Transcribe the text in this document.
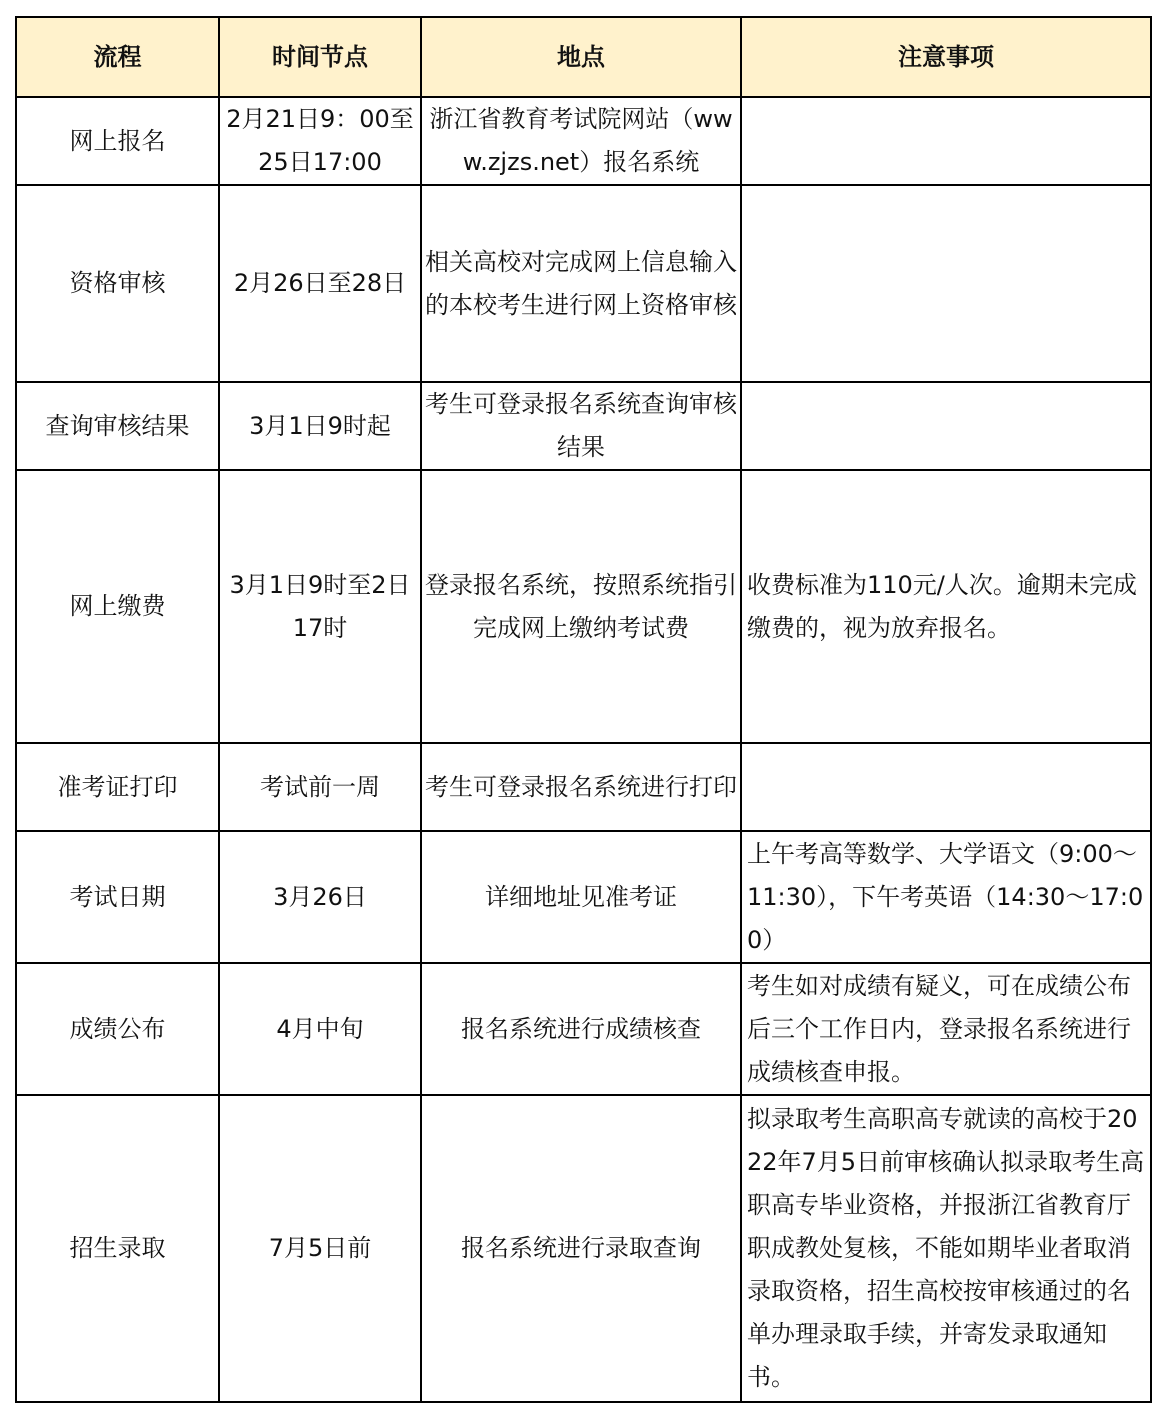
流程	时间节点	地点	注意事项
网上报名	2月21日9：00至25日17:00	浙江省教育考试院网站（www.zjzs.net）报名系统	
资格审核	2月26日至28日	相关高校对完成网上信息输入的本校考生进行网上资格审核	
查询审核结果	3月1日9时起	考生可登录报名系统查询审核结果	
网上缴费	3月1日9时至2日17时	登录报名系统，按照系统指引完成网上缴纳考试费	收费标准为110元/人次。逾期未完成缴费的，视为放弃报名。
准考证打印	考试前一周	考生可登录报名系统进行打印	
考试日期	3月26日	详细地址见准考证	上午考高等数学、大学语文（9:00～11:30），下午考英语（14:30～17:00）
成绩公布	4月中旬	报名系统进行成绩核查	考生如对成绩有疑义，可在成绩公布后三个工作日内，登录报名系统进行成绩核查申报。
招生录取	7月5日前	报名系统进行录取查询	拟录取考生高职高专就读的高校于2022年7月5日前审核确认拟录取考生高职高专毕业资格，并报浙江省教育厅职成教处复核，不能如期毕业者取消录取资格，招生高校按审核通过的名单办理录取手续，并寄发录取通知书。
